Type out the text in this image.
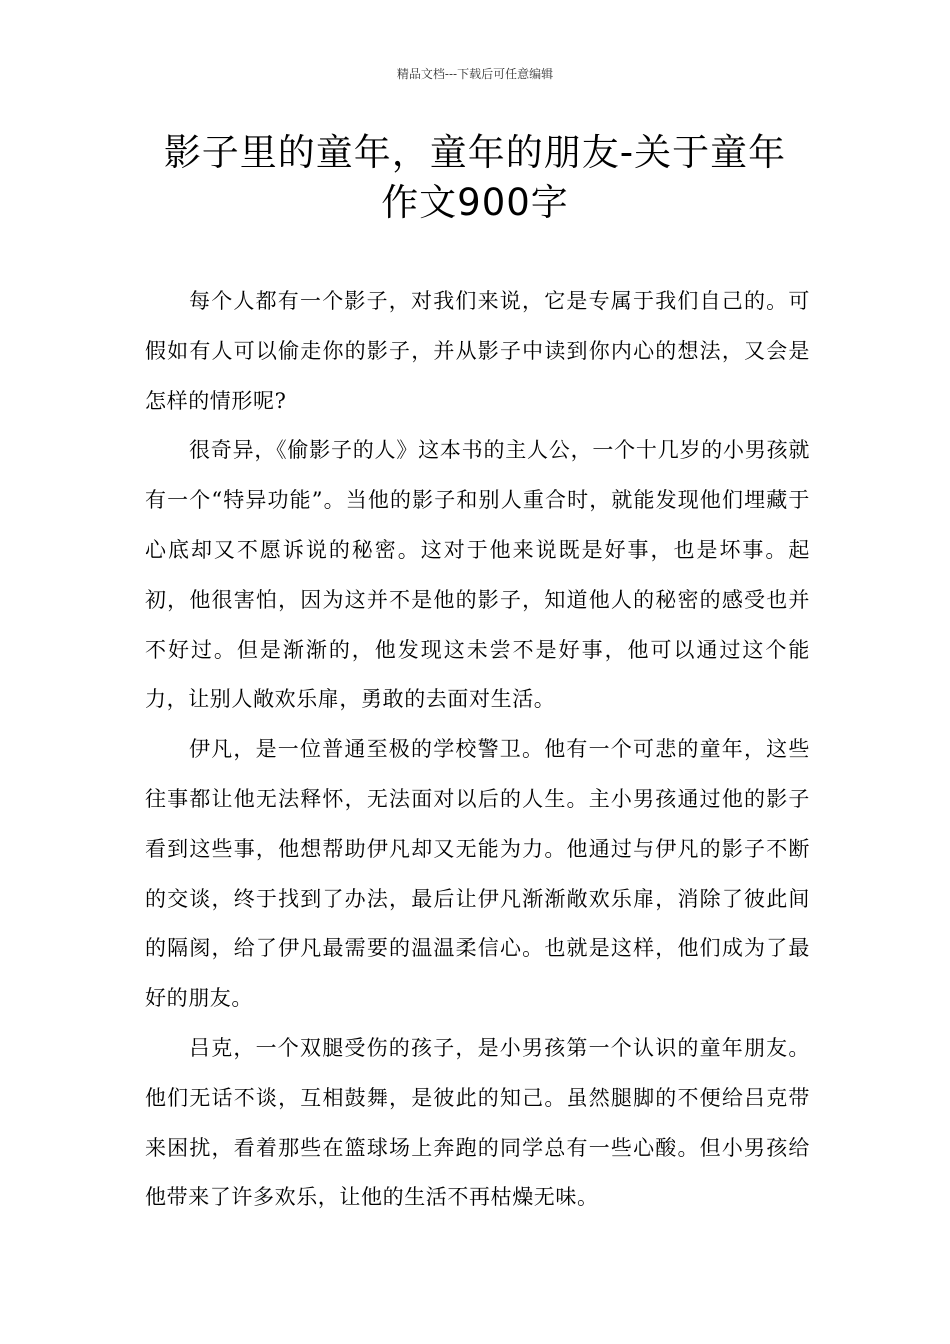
精品文档---下载后可任意编辑
影子里的童年，童年的朋友-关于童年
作文900字

每个人都有一个影子，对我们来说，它是专属于我们自己的。可假如有人可以偷走你的影子，并从影子中读到你内心的想法，又会是怎样的情形呢?

很奇异，《偷影子的人》这本书的主人公，一个十几岁的小男孩就有一个“特异功能”。当他的影子和别人重合时，就能发现他们埋藏于心底却又不愿诉说的秘密。这对于他来说既是好事，也是坏事。起初，他很害怕，因为这并不是他的影子，知道他人的秘密的感受也并不好过。但是渐渐的，他发现这未尝不是好事，他可以通过这个能力，让别人敞欢乐扉，勇敢的去面对生活。

伊凡，是一位普通至极的学校警卫。他有一个可悲的童年，这些往事都让他无法释怀，无法面对以后的人生。主小男孩通过他的影子看到这些事，他想帮助伊凡却又无能为力。他通过与伊凡的影子不断的交谈，终于找到了办法，最后让伊凡渐渐敞欢乐扉，消除了彼此间的隔阂，给了伊凡最需要的温温柔信心。也就是这样，他们成为了最好的朋友。

吕克，一个双腿受伤的孩子，是小男孩第一个认识的童年朋友。他们无话不谈，互相鼓舞，是彼此的知己。虽然腿脚的不便给吕克带来困扰，看着那些在篮球场上奔跑的同学总有一些心酸。但小男孩给他带来了许多欢乐，让他的生活不再枯燥无味。
